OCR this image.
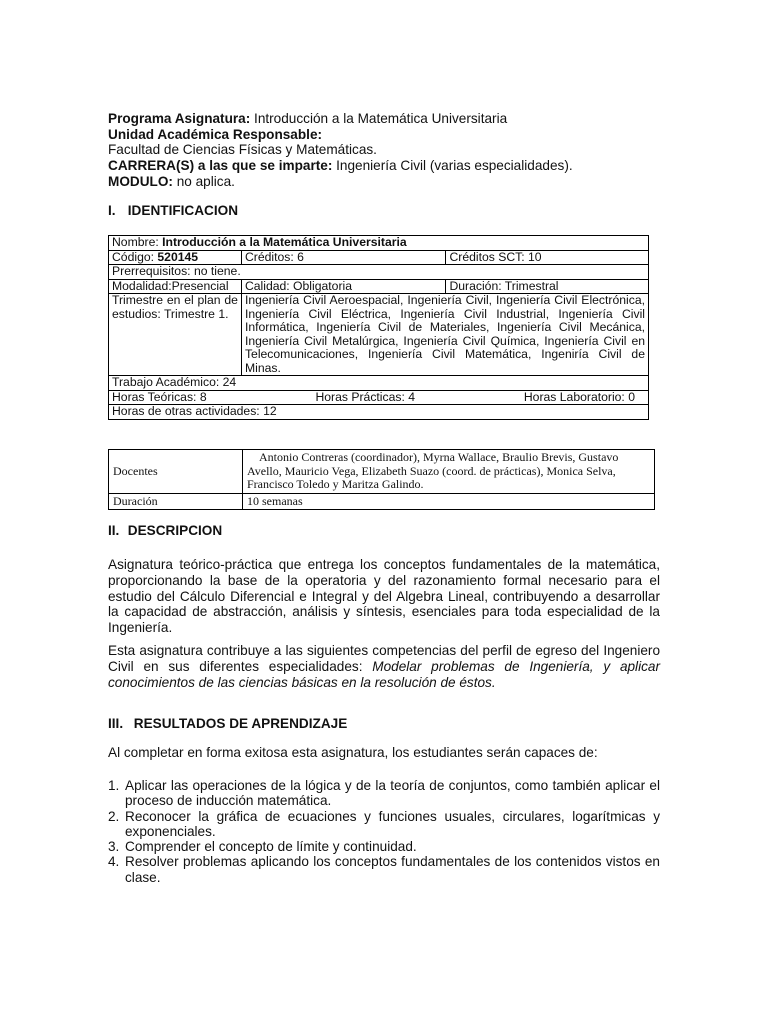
Programa Asignatura: Introducción a la Matemática Universitaria
Unidad Académica Responsable:
Facultad de Ciencias Físicas y Matemáticas.
CARRERA(S) a las que se imparte: Ingeniería Civil (varias especialidades).
MODULO: no aplica.
I. IDENTIFICACION
Nombre: Introducción a la Matemática Universitaria		
Código: 520145	Créditos: 6	Créditos SCT: 10
Prerrequisitos: no tiene.		
Modalidad:Presencial	Calidad: Obligatoria	Duración: Trimestral
Trimestre en el plan de estudios: Trimestre 1.	Ingeniería Civil Aeroespacial, Ingeniería Civil, Ingeniería Civil Electrónica, Ingeniería Civil Eléctrica, Ingeniería Civil Industrial, Ingeniería Civil Informática, Ingeniería Civil de Materiales, Ingeniería Civil Mecánica, Ingeniería Civil Metalúrgica, Ingeniería Civil Química, Ingeniería Civil en Telecomunicaciones, Ingeniería Civil Matemática, Ingeniría Civil de Minas.	
Trabajo Académico: 24		

Horas Teóricas: 8 Horas Prácticas: 4 Horas Laboratorio: 0		

Horas de otras actividades: 12		
Docentes	Antonio Contreras (coordinador), Myrna Wallace, Braulio Brevis, Gustavo Avello, Mauricio Vega, Elizabeth Suazo (coord. de prácticas), Monica Selva, Francisco Toledo y Maritza Galindo.
Duración	10 semanas
II. DESCRIPCION
Asignatura teórico-práctica que entrega los conceptos fundamentales de la matemática, proporcionando la base de la operatoria y del razonamiento formal necesario para el estudio del Cálculo Diferencial e Integral y del Algebra Lineal, contribuyendo a desarrollar la capacidad de abstracción, análisis y síntesis, esenciales para toda especialidad de la Ingeniería.
Esta asignatura contribuye a las siguientes competencias del perfil de egreso del Ingeniero Civil en sus diferentes especialidades: Modelar problemas de Ingeniería, y aplicar conocimientos de las ciencias básicas en la resolución de éstos.
III. RESULTADOS DE APRENDIZAJE
Al completar en forma exitosa esta asignatura, los estudiantes serán capaces de:
1. Aplicar las operaciones de la lógica y de la teoría de conjuntos, como también aplicar el proceso de inducción matemática.
2. Reconocer la gráfica de ecuaciones y funciones usuales, circulares, logarítmicas y exponenciales.
3. Comprender el concepto de límite y continuidad.
4. Resolver problemas aplicando los conceptos fundamentales de los contenidos vistos en clase.
